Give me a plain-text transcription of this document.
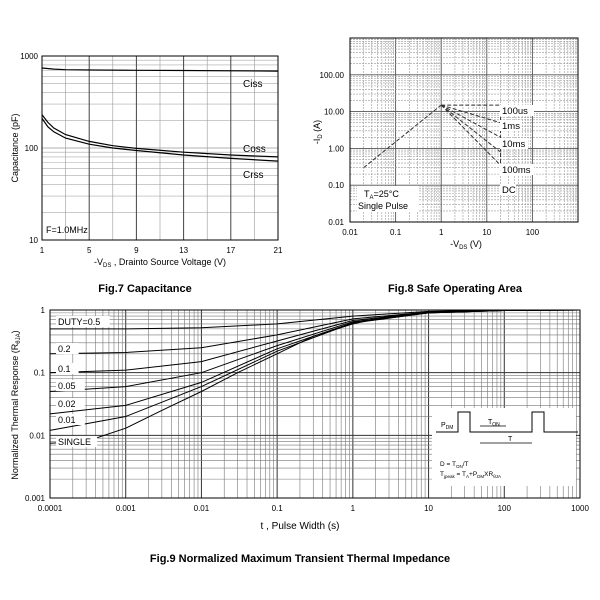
1	5	9	13	17	21
10
100
1000
Capacitance (pF)
$-V_{DS}$ , Drainto Source Voltage (V)
F=1.0MHz
Ciss
Coss
Crss
Fig.7 Capacitance
0.01	0.1	1	10	100
0.01
0.10
1.00
10.00
100.00
$-I_D$ (A)
$-V_{DS}$ (V)
$T_A=25^\circ C$
Single Pulse
100us
1ms
10ms
100ms
DC
Fig.8 Safe Operating Area
0.0001	0.001	0.01	0.1	1	10	100	1000
0.001
0.01
0.1
1
DUTY=0.5
0.2
0.1
0.05
0.02
0.01
SINGLE
Normalized Thermal Response $(R_{\theta JA})$
t , Pulse Width (s)
$P_{DM}$
$T_{ON}$
T
$D = T_{ON}/T$
$T_{jpeak} = T_A+P_{DM}XR_{\theta JA}$
Fig.9 Normalized Maximum Transient Thermal Impedance
